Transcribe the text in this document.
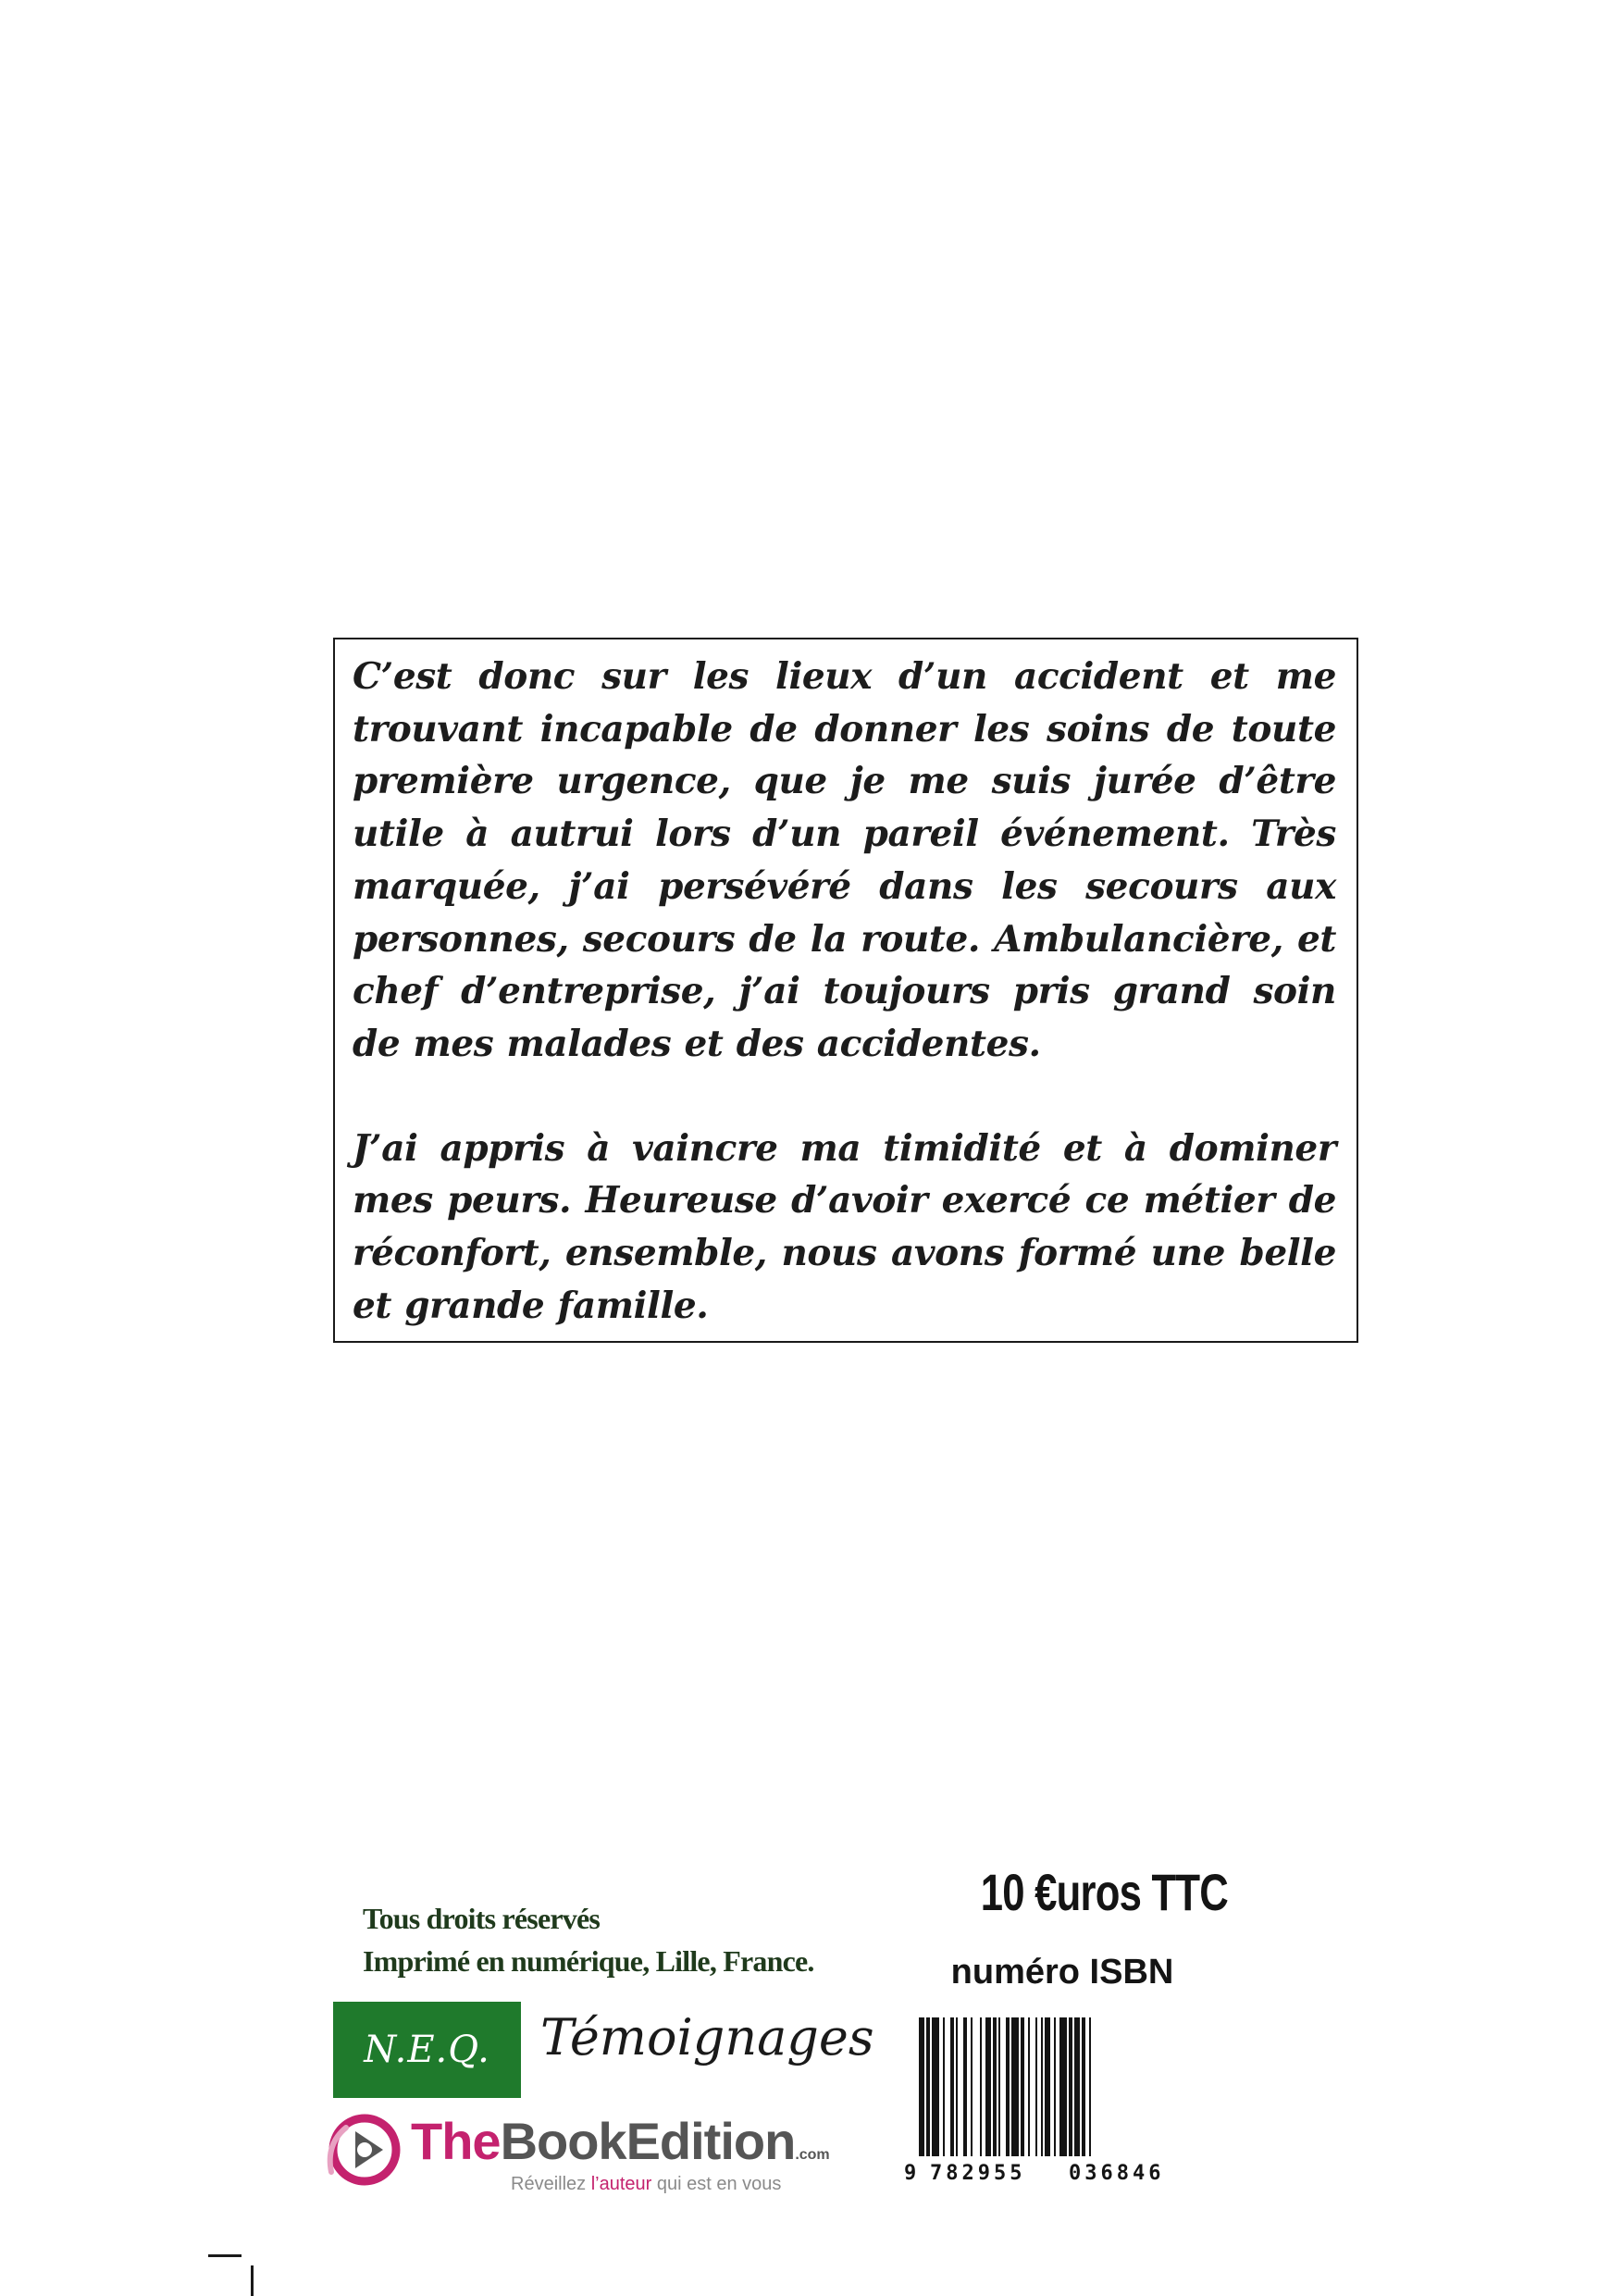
C’est donc sur les lieux d’un accident et me trouvant incapable de donner les soins de toute première urgence, que je me suis jurée d’être utile à autrui lors d’un pareil événement. Très marquée, j’ai persévéré dans les secours aux personnes, secours de la route. Ambulancière, et chef d’entreprise, j’ai toujours pris grand soin de mes malades et des accidentes.

J’ai appris à vaincre ma timidité et à dominer mes peurs. Heureuse d’avoir exercé ce métier de réconfort, ensemble, nous avons formé une belle et grande famille.

Tous droits réservés
Imprimé en numérique, Lille, France.
10 €uros TTC
numéro ISBN
N.E.Q. Témoignages
TheBookEdition.com
Réveillez l’auteur qui est en vous	9 782955 036846
